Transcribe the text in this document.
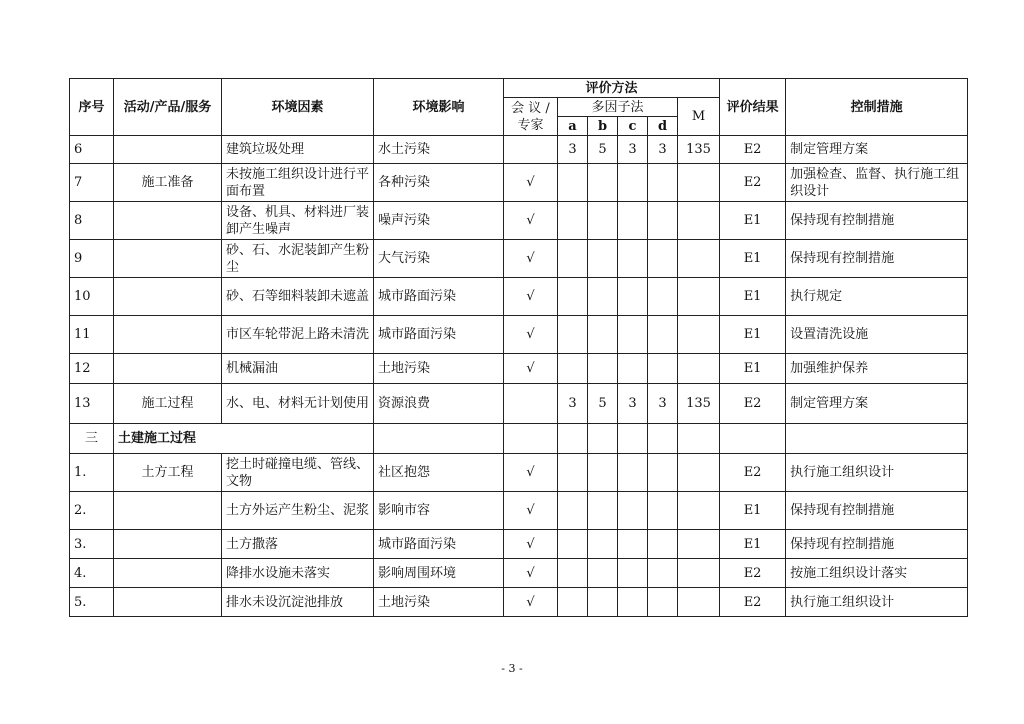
序号	活动/产品/服务	环境因素	环境影响	评价方法						评价结果	控制措施
				会 议 / 专家	多因子法				M		
					a	b	c	d			
6		建筑垃圾处理	水土污染		3	5	3	3	135	E2	制定管理方案
7	施工准备	未按施工组织设计进行平面布置	各种污染	√						E2	加强检查、监督、执行施工组织设计
8		设备、机具、材料进厂装卸产生噪声	噪声污染	√						E1	保持现有控制措施
9		砂、石、水泥装卸产生粉尘	大气污染	√						E1	保持现有控制措施
10		砂、石等细料装卸未遮盖	城市路面污染	√						E1	执行规定
11		市区车轮带泥上路未清洗	城市路面污染	√						E1	设置清洗设施
12		机械漏油	土地污染	√						E1	加强维护保养
13	施工过程	水、电、材料无计划使用	资源浪费		3	5	3	3	135	E2	制定管理方案
三	土建施工过程										
1.	土方工程	挖土时碰撞电缆、管线、文物	社区抱怨	√						E2	执行施工组织设计
2.		土方外运产生粉尘、泥浆	影响市容	√						E1	保持现有控制措施
3.		土方撒落	城市路面污染	√						E1	保持现有控制措施
4.		降排水设施未落实	影响周围环境	√						E2	按施工组织设计落实
5.		排水未设沉淀池排放	土地污染	√						E2	执行施工组织设计
- 3 -
